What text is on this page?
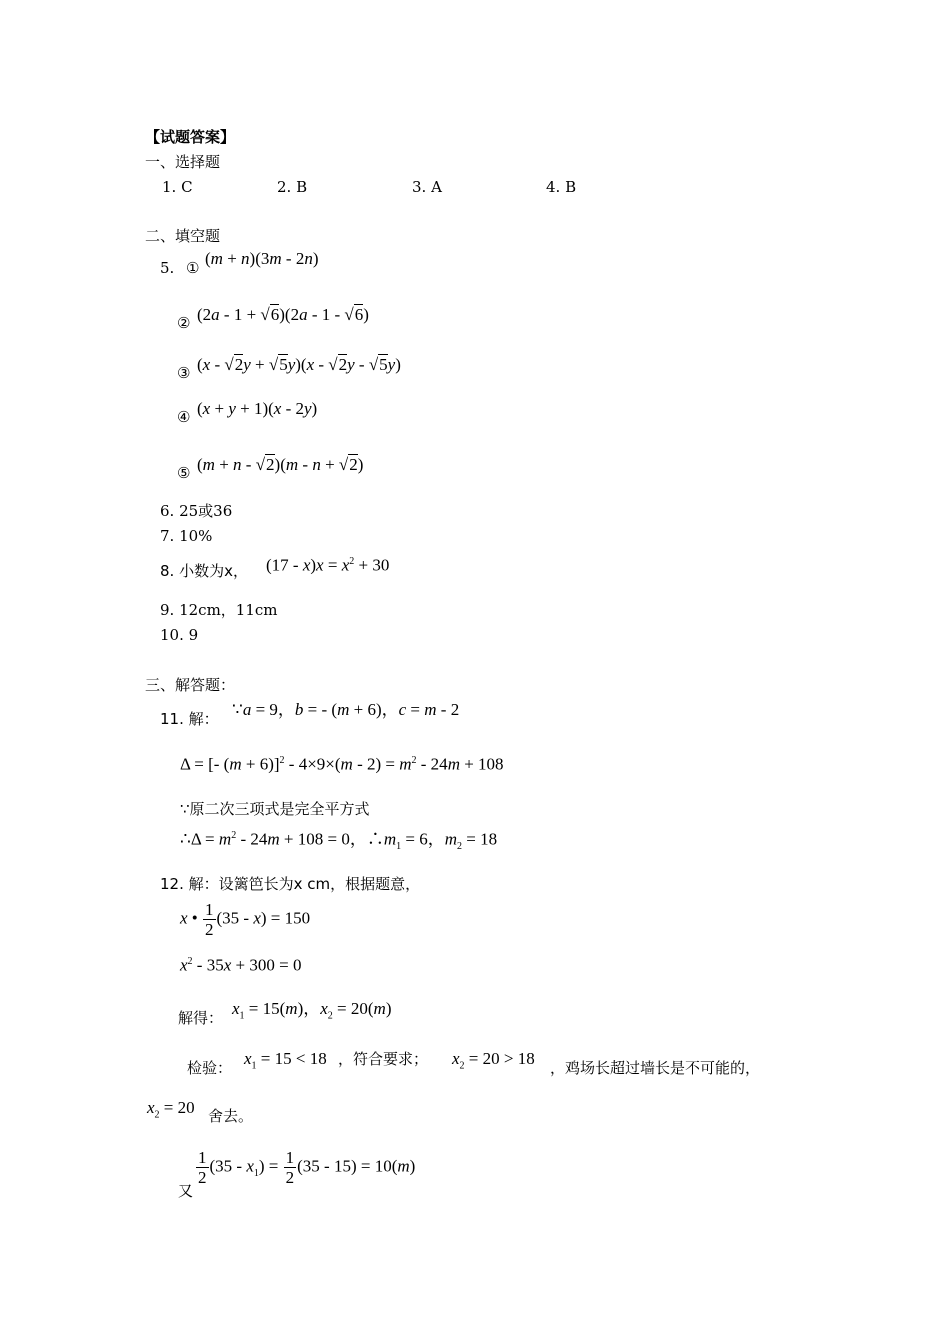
【试题答案】
一、选择题
1. C	2. B	3. A	4. B
二、填空题
5. ① (m + n)(3m - 2n)
② (2a - 1 + √6)(2a - 1 - √6)
③ (x - √2y + √5y)(x - √2y - √5y)
④ (x + y + 1)(x - 2y)
⑤ (m + n - √2)(m - n + √2)
6. 25或36
7. 10%
8. 小数为x， $(17 - x)x = x^2 + 30$
9. 12cm，11cm
10. 9
三、解答题：
11. 解： ∵a = 9，b = - (m + 6)，c = m - 2
Δ = [- $(m + 6)]^2 - 4\times 9\times(m - 2) = m^2 - 24m + 108$
∵原二次三项式是完全平方式
∴Δ = $m^2 - 24m + 108 = 0$，$\therefore m_1 = 6$，$m_2 = 18$
12. 解：设篱笆长为x cm，根据题意，
x • $\frac{1}{2} (35 - x) = 150$
$x^2 - 35x + 300 = 0$
解得： $x_1 = 15(m)$，$x_2 = 20(m)$
检验： $x_1 = 15 < 18$ ，符合要求； $x_2 = 20 > 18$ ，鸡场长超过墙长是不可能的，
$x_2 = 20$ 舍去。
又
$\frac{1}{2} (35 - x_1) = \frac{1}{2} (35 - 15) = 10(m)$
